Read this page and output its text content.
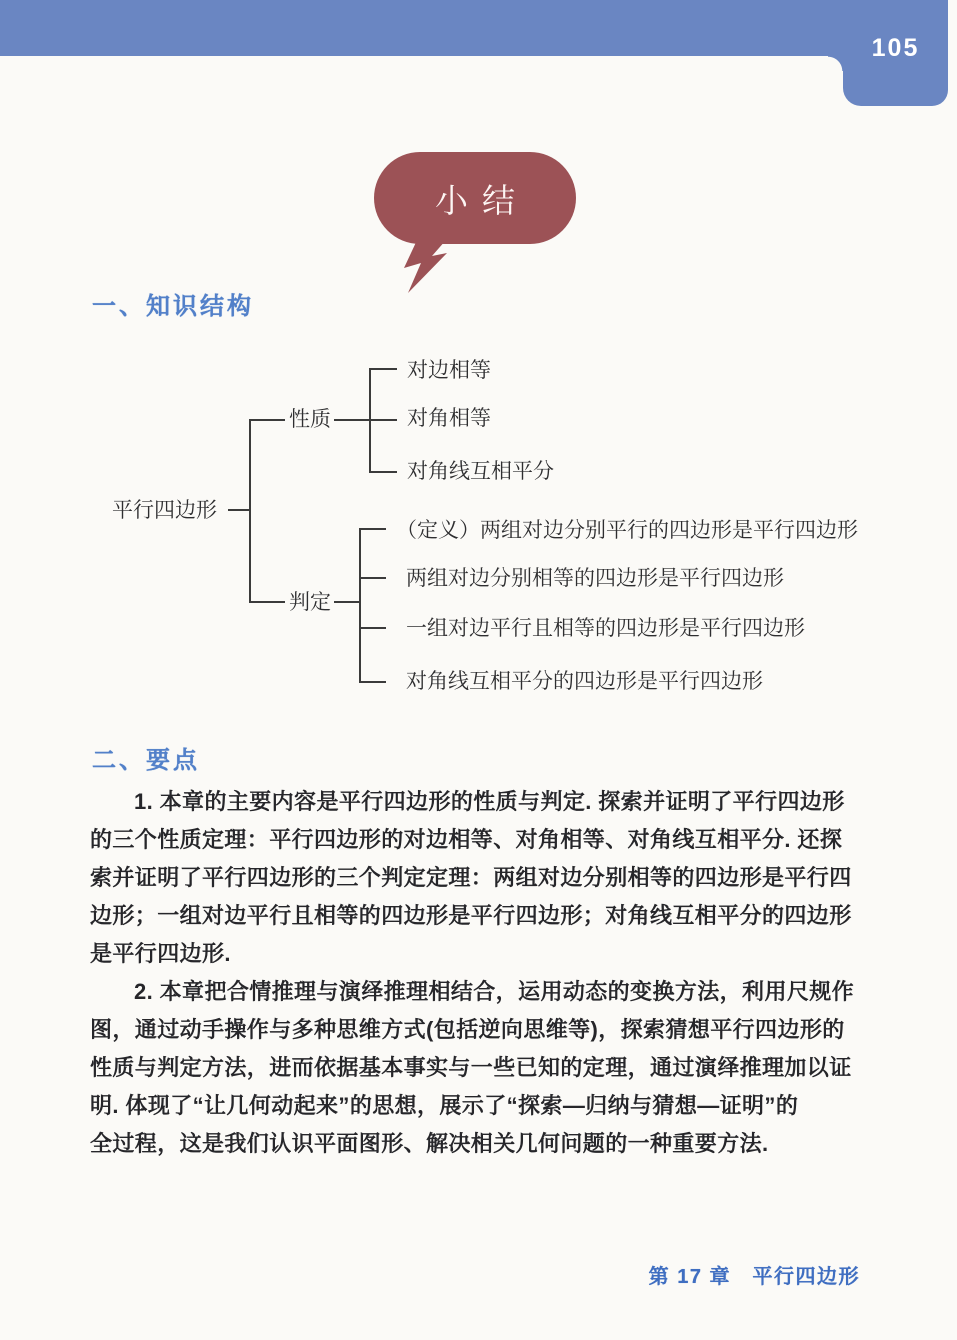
105
小结
一、知识结构
平行四边形
性质
判定
对边相等
对角相等
对角线互相平分
（定义）两组对边分别平行的四边形是平行四边形
两组对边分别相等的四边形是平行四边形
一组对边平行且相等的四边形是平行四边形
对角线互相平分的四边形是平行四边形
二、要点
1. 本章的主要内容是平行四边形的性质与判定. 探索并证明了平行四边形
的三个性质定理：平行四边形的对边相等、对角相等、对角线互相平分. 还探
索并证明了平行四边形的三个判定定理：两组对边分别相等的四边形是平行四
边形；一组对边平行且相等的四边形是平行四边形；对角线互相平分的四边形
是平行四边形.
2. 本章把合情推理与演绎推理相结合，运用动态的变换方法，利用尺规作
图，通过动手操作与多种思维方式(包括逆向思维等)，探索猜想平行四边形的
性质与判定方法，进而依据基本事实与一些已知的定理，通过演绎推理加以证
明. 体现了“让几何动起来”的思想，展示了“探索—归纳与猜想—证明”的
全过程，这是我们认识平面图形、解决相关几何问题的一种重要方法.
第 17 章　平行四边形
